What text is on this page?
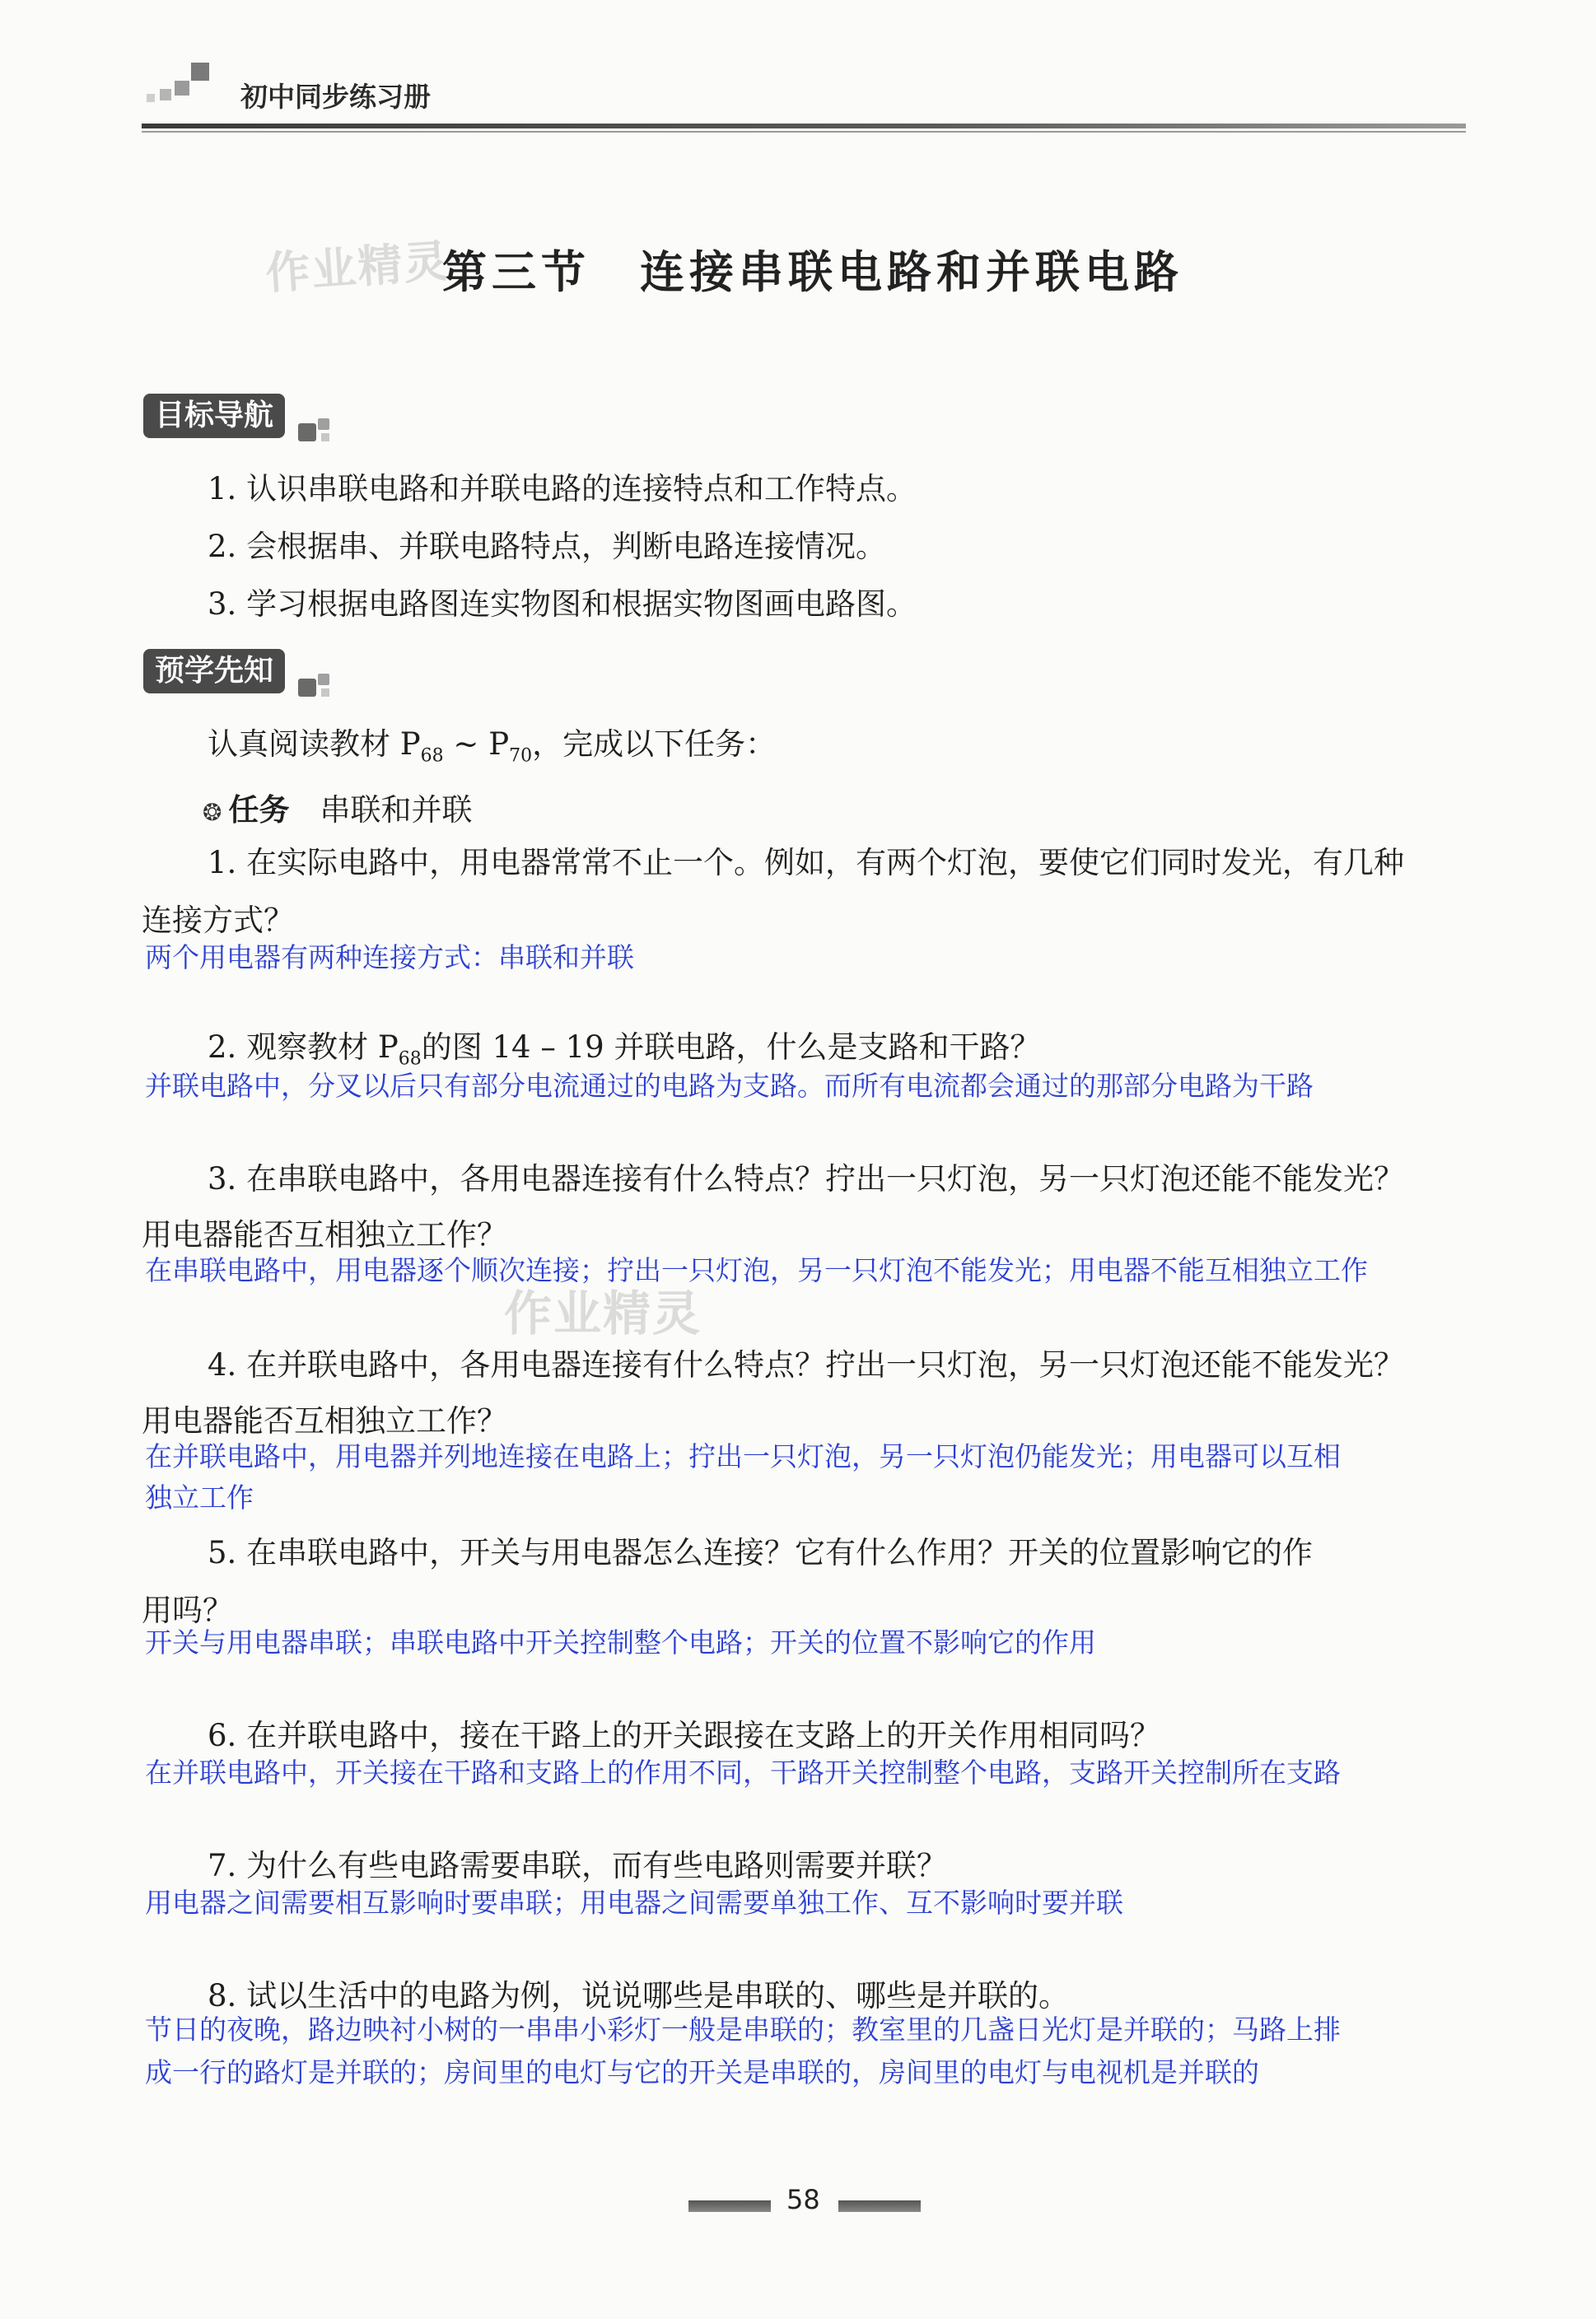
初中同步练习册
作业精灵
作业精灵
第三节　连接串联电路和并联电路
目标导航
1. 认识串联电路和并联电路的连接特点和工作特点。
2. 会根据串、并联电路特点，判断电路连接情况。
3. 学习根据电路图连实物图和根据实物图画电路图。
预学先知
认真阅读教材 $P_{68}$ ~ $P_{70}$，完成以下任务：
❂ 任务　 串联和并联
1. 在实际电路中，用电器常常不止一个。例如，有两个灯泡，要使它们同时发光，有几种
连接方式？
两个用电器有两种连接方式：串联和并联
2. 观察教材 $P_{68}$的图 14 – 19 并联电路，什么是支路和干路？
并联电路中，分叉以后只有部分电流通过的电路为支路。而所有电流都会通过的那部分电路为干路
3. 在串联电路中，各用电器连接有什么特点？拧出一只灯泡，另一只灯泡还能不能发光？
用电器能否互相独立工作？
在串联电路中，用电器逐个顺次连接；拧出一只灯泡，另一只灯泡不能发光；用电器不能互相独立工作
4. 在并联电路中，各用电器连接有什么特点？拧出一只灯泡，另一只灯泡还能不能发光？
用电器能否互相独立工作？
在并联电路中，用电器并列地连接在电路上；拧出一只灯泡，另一只灯泡仍能发光；用电器可以互相
独立工作
5. 在串联电路中，开关与用电器怎么连接？它有什么作用？开关的位置影响它的作
用吗？
开关与用电器串联；串联电路中开关控制整个电路；开关的位置不影响它的作用
6. 在并联电路中，接在干路上的开关跟接在支路上的开关作用相同吗？
在并联电路中，开关接在干路和支路上的作用不同，干路开关控制整个电路，支路开关控制所在支路
7. 为什么有些电路需要串联，而有些电路则需要并联？
用电器之间需要相互影响时要串联；用电器之间需要单独工作、互不影响时要并联
8. 试以生活中的电路为例，说说哪些是串联的、哪些是并联的。
节日的夜晚，路边映衬小树的一串串小彩灯一般是串联的；教室里的几盏日光灯是并联的；马路上排
成一行的路灯是并联的；房间里的电灯与它的开关是串联的，房间里的电灯与电视机是并联的
58
